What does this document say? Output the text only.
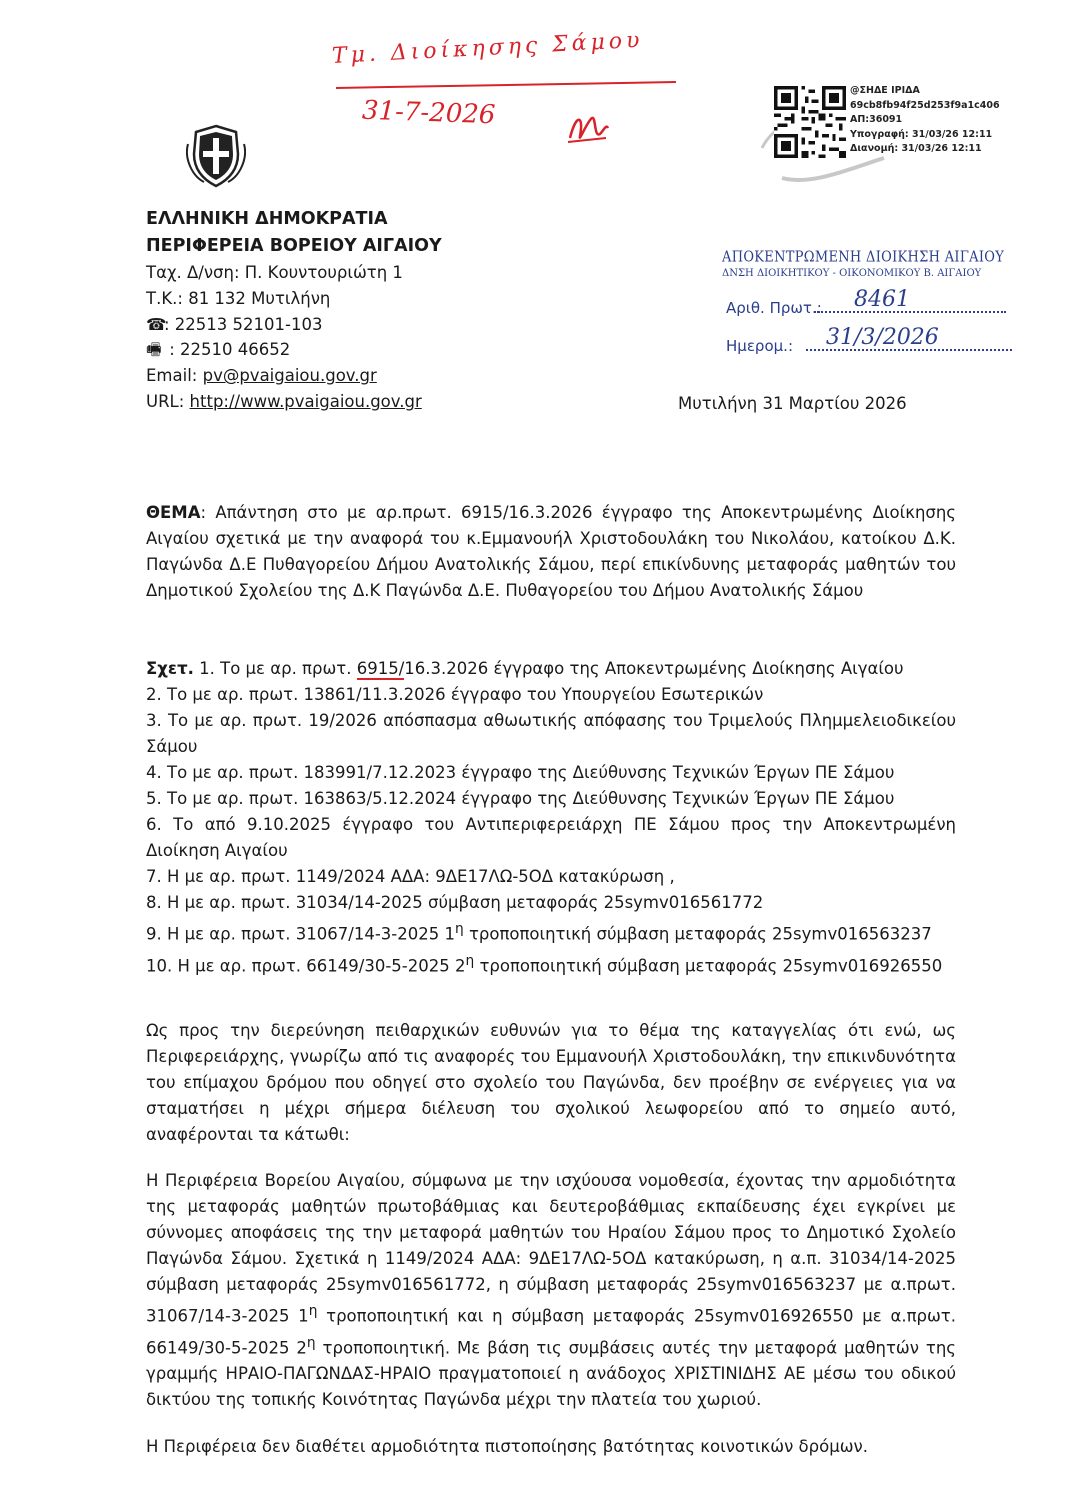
Τμ. Διοίκησης Σάμου
31-7-2026
ΕΛΛΗΝΙΚΗ ΔΗΜΟΚΡΑΤΙΑ
ΠΕΡΙΦΕΡΕΙΑ ΒΟΡΕΙΟΥ ΑΙΓΑΙΟΥ
Ταχ. Δ/νση: Π. Κουντουριώτη 1
Τ.Κ.: 81 132 Μυτιλήνη
☎: 22513 52101-103
🖷 : 22510 46652
Email: pv@pvaigaiou.gov.gr
URL: http://www.pvaigaiou.gov.gr
@ΣΗΔΕ ΙΡΙΔΑ
69cb8fb94f25d253f9a1c406
ΑΠ:36091
Υπογραφή: 31/03/26 12:11
Διανομή: 31/03/26 12:11
ΑΠΟΚΕΝΤΡΩΜΕΝΗ ΔΙΟΙΚΗΣΗ ΑΙΓΑΙΟΥ
ΔΝΣΗ ΔΙΟΙΚΗΤΙΚΟΥ - ΟΙΚΟΝΟΜΙΚΟΥ Β. ΑΙΓΑΙΟΥ
Αριθ. Πρωτ.: 8461
Ημερομ.: 31/3/2026
Μυτιλήνη 31 Μαρτίου 2026
ΘΕΜΑ: Απάντηση στο με αρ.πρωτ. 6915/16.3.2026 έγγραφο της Αποκεντρωμένης Διοίκησης Αιγαίου σχετικά με την αναφορά του κ.Εμμανουήλ Χριστοδουλάκη του Νικολάου, κατοίκου Δ.Κ. Παγώνδα Δ.Ε Πυθαγορείου Δήμου Ανατολικής Σάμου, περί επικίνδυνης μεταφοράς μαθητών του Δημοτικού Σχολείου της Δ.Κ Παγώνδα Δ.Ε. Πυθαγορείου του Δήμου Ανατολικής Σάμου
Σχετ. 1. Το με αρ. πρωτ. 6915/16.3.2026 έγγραφο της Αποκεντρωμένης Διοίκησης Αιγαίου
2. Το με αρ. πρωτ. 13861/11.3.2026 έγγραφο του Υπουργείου Εσωτερικών
3. Το με αρ. πρωτ. 19/2026 απόσπασμα αθωωτικής απόφασης του Τριμελούς Πλημμελειοδικείου Σάμου
4. Το με αρ. πρωτ. 183991/7.12.2023 έγγραφο της Διεύθυνσης Τεχνικών Έργων ΠΕ Σάμου
5. Το με αρ. πρωτ. 163863/5.12.2024 έγγραφο της Διεύθυνσης Τεχνικών Έργων ΠΕ Σάμου
6. Το από 9.10.2025 έγγραφο του Αντιπεριφερειάρχη ΠΕ Σάμου προς την Αποκεντρωμένη Διοίκηση Αιγαίου
7. Η με αρ. πρωτ. 1149/2024 ΑΔΑ: 9ΔΕ17ΛΩ-5ΟΔ κατακύρωση ,
8. Η με αρ. πρωτ. 31034/14-2025 σύμβαση μεταφοράς 25symv016561772
9. Η με αρ. πρωτ. 31067/14-3-2025 $1^\eta$ τροποποιητική σύμβαση μεταφοράς 25symv016563237
10. Η με αρ. πρωτ. 66149/30-5-2025 $2^\eta$ τροποποιητική σύμβαση μεταφοράς 25symv016926550
Ως προς την διερεύνηση πειθαρχικών ευθυνών για το θέμα της καταγγελίας ότι ενώ, ως Περιφερειάρχης, γνωρίζω από τις αναφορές του Εμμανουήλ Χριστοδουλάκη, την επικινδυνότητα του επίμαχου δρόμου που οδηγεί στο σχολείο του Παγώνδα, δεν προέβην σε ενέργειες για να σταματήσει η μέχρι σήμερα διέλευση του σχολικού λεωφορείου από το σημείο αυτό, αναφέρονται τα κάτωθι:
Η Περιφέρεια Βορείου Αιγαίου, σύμφωνα με την ισχύουσα νομοθεσία, έχοντας την αρμοδιότητα της μεταφοράς μαθητών πρωτοβάθμιας και δευτεροβάθμιας εκπαίδευσης έχει εγκρίνει με σύννομες αποφάσεις της την μεταφορά μαθητών του Ηραίου Σάμου προς το Δημοτικό Σχολείο Παγώνδα Σάμου. Σχετικά η 1149/2024 ΑΔΑ: 9ΔΕ17ΛΩ-5ΟΔ κατακύρωση, η α.π. 31034/14-2025 σύμβαση μεταφοράς 25symv016561772, η σύμβαση μεταφοράς 25symv016563237 με α.πρωτ. 31067/14-3-2025 $1^\eta$ τροποποιητική και η σύμβαση μεταφοράς 25symv016926550 με α.πρωτ. 66149/30-5-2025 $2^\eta$ τροποποιητική. Με βάση τις συμβάσεις αυτές την μεταφορά μαθητών της γραμμής ΗΡΑΙΟ-ΠΑΓΩΝΔΑΣ-ΗΡΑΙΟ πραγματοποιεί η ανάδοχος ΧΡΙΣΤΙΝΙΔΗΣ ΑΕ μέσω του οδικού δικτύου της τοπικής Κοινότητας Παγώνδα μέχρι την πλατεία του χωριού.
Η Περιφέρεια δεν διαθέτει αρμοδιότητα πιστοποίησης βατότητας κοινοτικών δρόμων.
